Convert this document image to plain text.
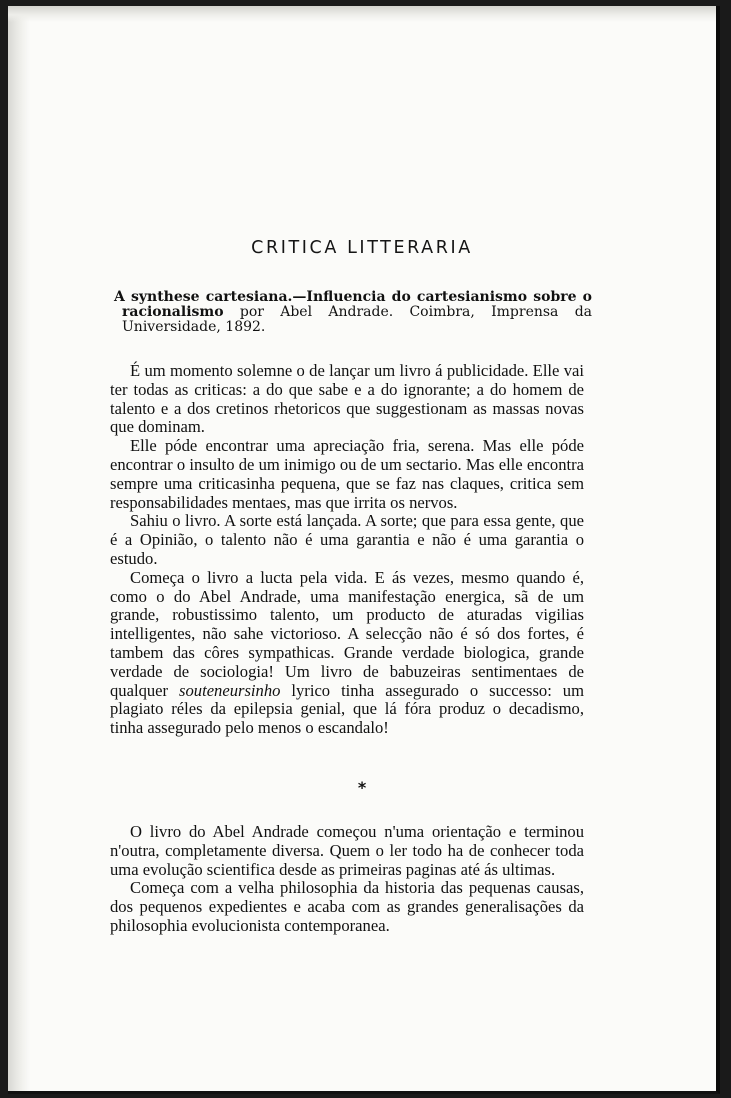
CRITICA LITTERARIA
A synthese cartesiana.—Influencia do cartesianismo sobre o racionalismo por Abel Andrade. Coimbra, Imprensa da Universidade, 1892.

É um momento solemne o de lançar um livro á publicidade. Elle vai ter todas as criticas: a do que sabe e a do ignorante; a do homem de talento e a dos cretinos rhetoricos que suggestionam as massas novas que dominam.

Elle póde encontrar uma apreciação fria, serena. Mas elle póde encontrar o insulto de um inimigo ou de um sectario. Mas elle encontra sempre uma criticasinha pequena, que se faz nas claques, critica sem responsabilidades mentaes, mas que irrita os nervos.

Sahiu o livro. A sorte está lançada. A sorte; que para essa gente, que é a Opinião, o talento não é uma garantia e não é uma garantia o estudo.

Começa o livro a lucta pela vida. E ás vezes, mesmo quando é, como o do Abel Andrade, uma manifestação energica, sã de um grande, robustissimo talento, um producto de aturadas vigilias intelligentes, não sahe victorioso. A selecção não é só dos fortes, é tambem das côres sympathicas. Grande verdade biologica, grande verdade de sociologia! Um livro de babuzeiras sentimentaes de qualquer souteneursinho lyrico tinha assegurado o successo: um plagiato réles da epilepsia genial, que lá fóra produz o decadismo, tinha assegurado pelo menos o escandalo!

*

O livro do Abel Andrade começou n'uma orientação e terminou n'outra, completamente diversa. Quem o ler todo ha de conhecer toda uma evolução scientifica desde as primeiras paginas até ás ultimas.

Começa com a velha philosophia da historia das pequenas causas, dos pequenos expedientes e acaba com as grandes generalisações da philosophia evolucionista contemporanea.
